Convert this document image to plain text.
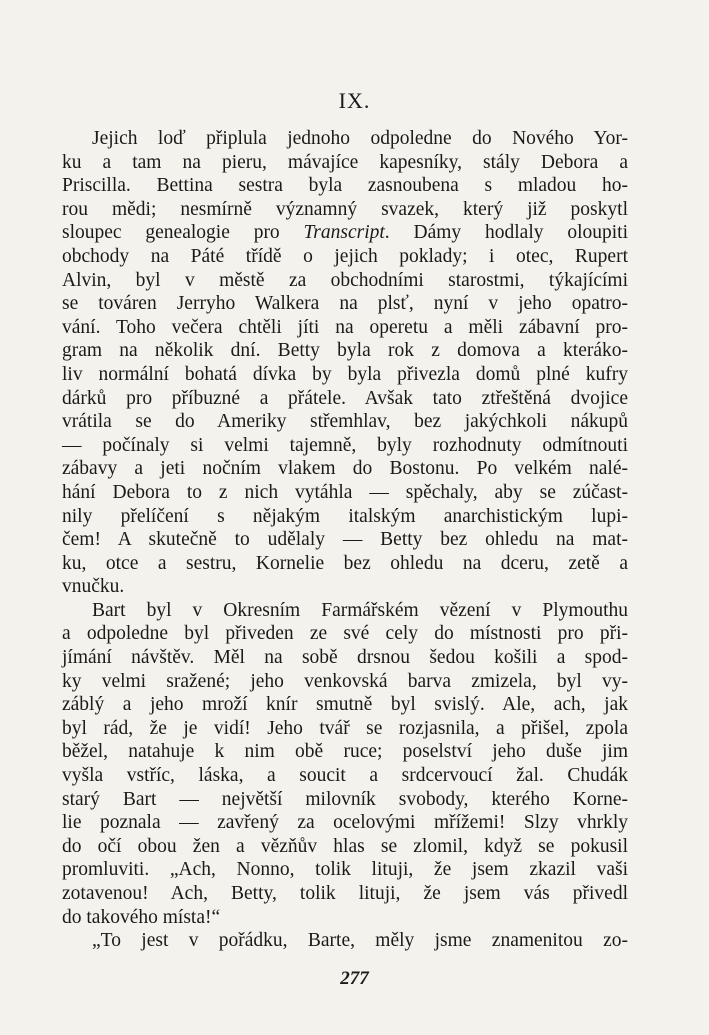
IX.
Jejich loď připlula jednoho odpoledne do Nového Yor-
ku a tam na pieru, mávajíce kapesníky, stály Debora a
Priscilla. Bettina sestra byla zasnoubena s mladou ho-
rou mědi; nesmírně významný svazek, který již poskytl
sloupec genealogie pro Transcript. Dámy hodlaly oloupiti
obchody na Páté třídě o jejich poklady; i otec, Rupert
Alvin, byl v městě za obchodními starostmi, týkajícími
se továren Jerryho Walkera na plsť, nyní v jeho opatro-
vání. Toho večera chtěli jíti na operetu a měli zábavní pro-
gram na několik dní. Betty byla rok z domova a kteráko-
liv normální bohatá dívka by byla přivezla domů plné kufry
dárků pro příbuzné a přátele. Avšak tato ztřeštěná dvojice
vrátila se do Ameriky střemhlav, bez jakýchkoli nákupů
— počínaly si velmi tajemně, byly rozhodnuty odmítnouti
zábavy a jeti nočním vlakem do Bostonu. Po velkém nalé-
hání Debora to z nich vytáhla — spěchaly, aby se zúčast-
nily přelíčení s nějakým italským anarchistickým lupi-
čem! A skutečně to udělaly — Betty bez ohledu na mat-
ku, otce a sestru, Kornelie bez ohledu na dceru, zetě a
vnučku.
Bart byl v Okresním Farmářském vězení v Plymouthu
a odpoledne byl přiveden ze své cely do místnosti pro při-
jímání návštěv. Měl na sobě drsnou šedou košili a spod-
ky velmi sražené; jeho venkovská barva zmizela, byl vy-
záblý a jeho mroží knír smutně byl svislý. Ale, ach, jak
byl rád, že je vidí! Jeho tvář se rozjasnila, a přišel, zpola
běžel, natahuje k nim obě ruce; poselství jeho duše jim
vyšla vstříc, láska, a soucit a srdcervoucí žal. Chudák
starý Bart — největší milovník svobody, kterého Korne-
lie poznala — zavřený za ocelovými mřížemi! Slzy vhrkly
do očí obou žen a vězňův hlas se zlomil, když se pokusil
promluviti. „Ach, Nonno, tolik lituji, že jsem zkazil vaši
zotavenou! Ach, Betty, tolik lituji, že jsem vás přivedl
do takového místa!“
„To jest v pořádku, Barte, měly jsme znamenitou zo-
277
